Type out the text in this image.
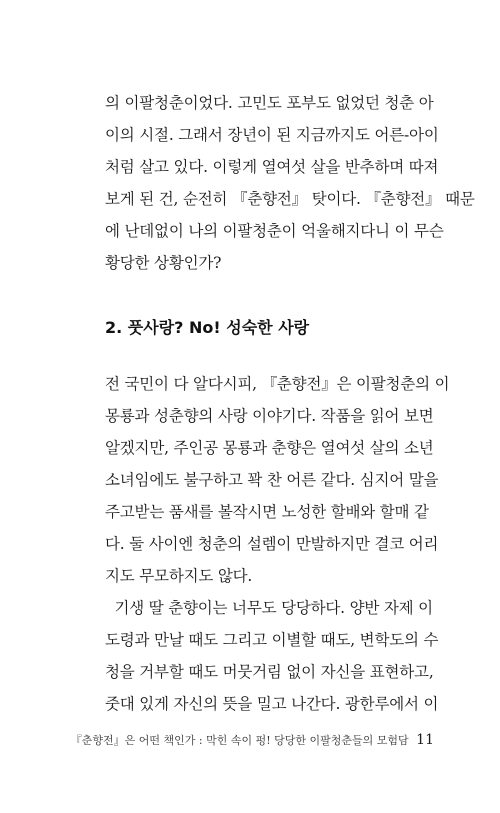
의 이팔청춘이었다. 고민도 포부도 없었던 청춘 아
이의 시절. 그래서 장년이 된 지금까지도 어른-아이
처럼 살고 있다. 이렇게 열여섯 살을 반추하며 따져
보게 된 건, 순전히 『춘향전』 탓이다. 『춘향전』 때문
에 난데없이 나의 이팔청춘이 억울해지다니 이 무슨
황당한 상황인가?
2. 풋사랑? No! 성숙한 사랑
전 국민이 다 알다시피, 『춘향전』은 이팔청춘의 이
몽룡과 성춘향의 사랑 이야기다. 작품을 읽어 보면
알겠지만, 주인공 몽룡과 춘향은 열여섯 살의 소년
소녀임에도 불구하고 꽉 찬 어른 같다. 심지어 말을
주고받는 품새를 볼작시면 노성한 할배와 할매 같
다. 둘 사이엔 청춘의 설렘이 만발하지만 결코 어리
지도 무모하지도 않다.
기생 딸 춘향이는 너무도 당당하다. 양반 자제 이
도령과 만날 때도 그리고 이별할 때도, 변학도의 수
청을 거부할 때도 머뭇거림 없이 자신을 표현하고,
줏대 있게 자신의 뜻을 밀고 나간다. 광한루에서 이
『춘향전』은 어떤 책인가 : 막힌 속이 펑! 당당한 이팔청춘들의 모험담 11
